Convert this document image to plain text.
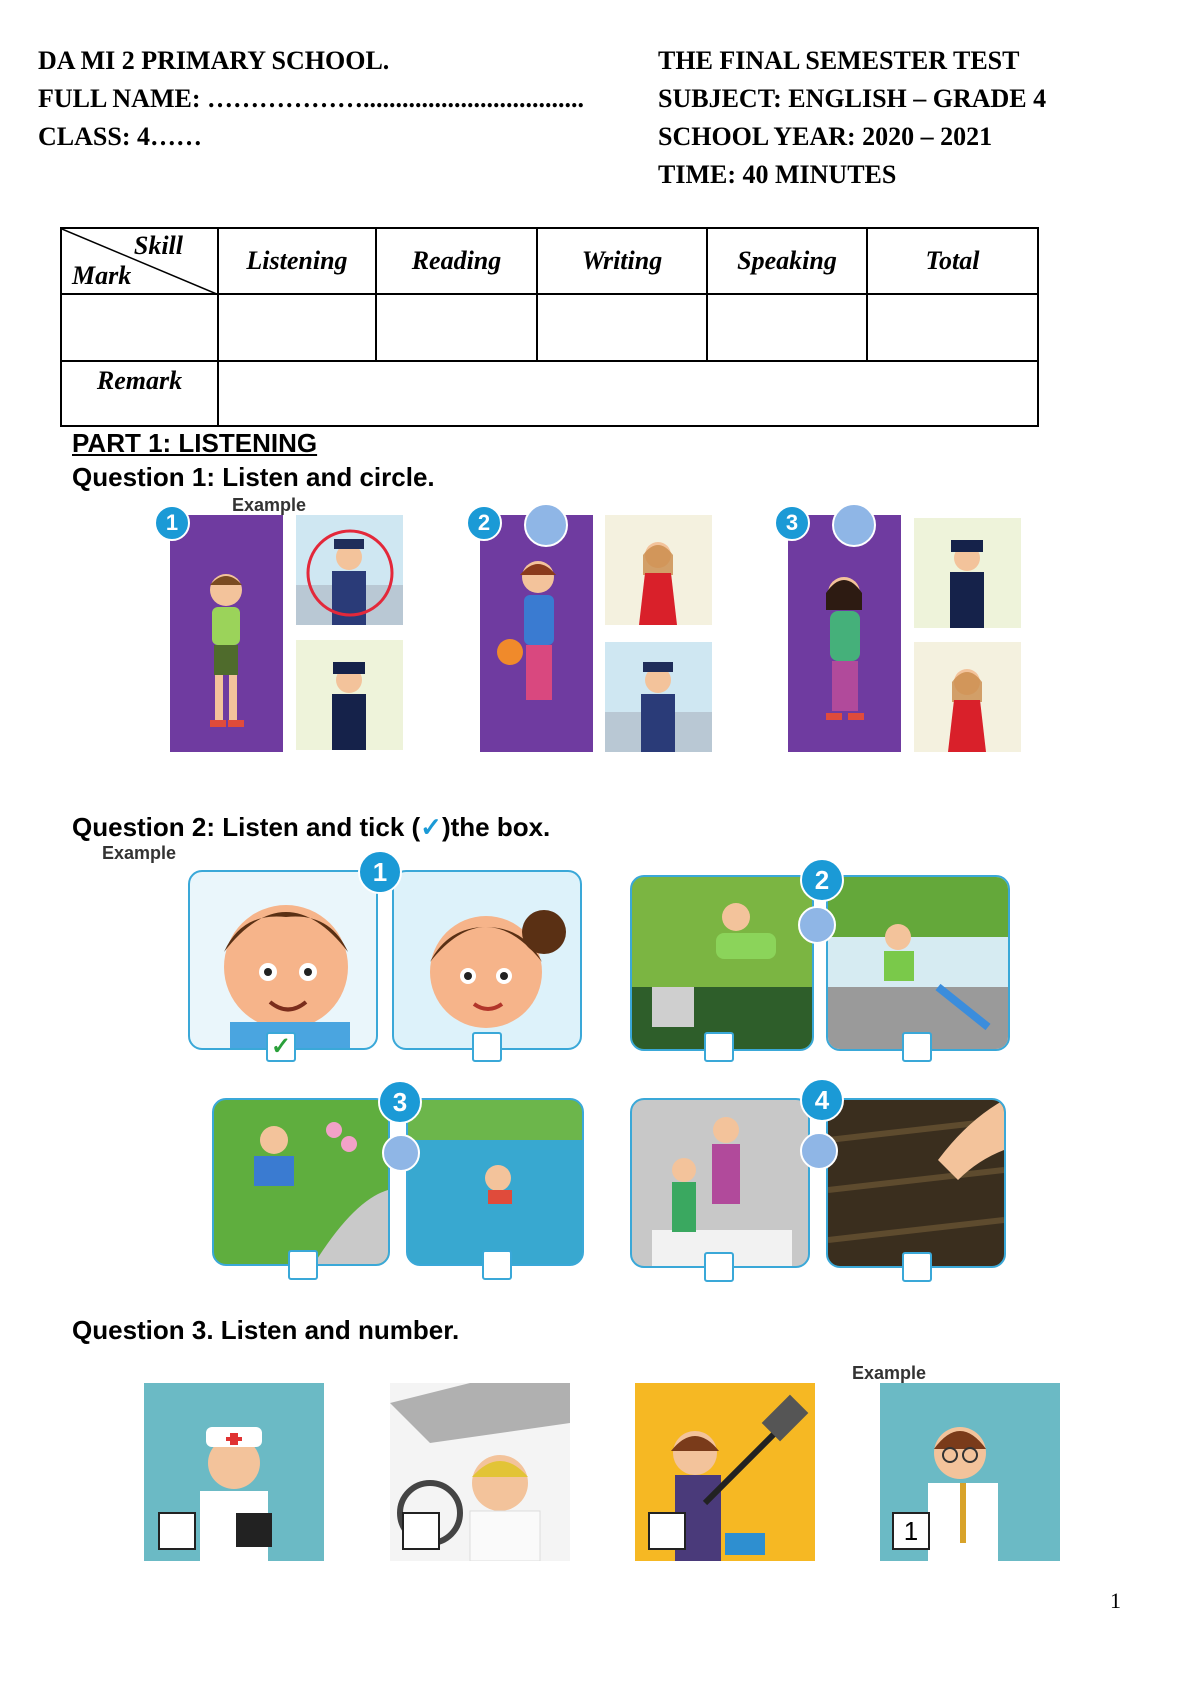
DA MI 2 PRIMARY SCHOOL.
FULL NAME: ………………..................................
CLASS: 4……
THE FINAL SEMESTER TEST
SUBJECT: ENGLISH – GRADE 4
SCHOOL YEAR: 2020 – 2021
TIME: 40 MINUTES
Skill
Mark	Listening	Reading	Writing	Speaking	Total

Remark					
PART 1: LISTENING
Question 1: Listen and circle.
Example
1	2	3
Question 2: Listen and tick (✓)the box.
Example
1
✓
2
3	4
Question 3. Listen and number.
Example
1
1
